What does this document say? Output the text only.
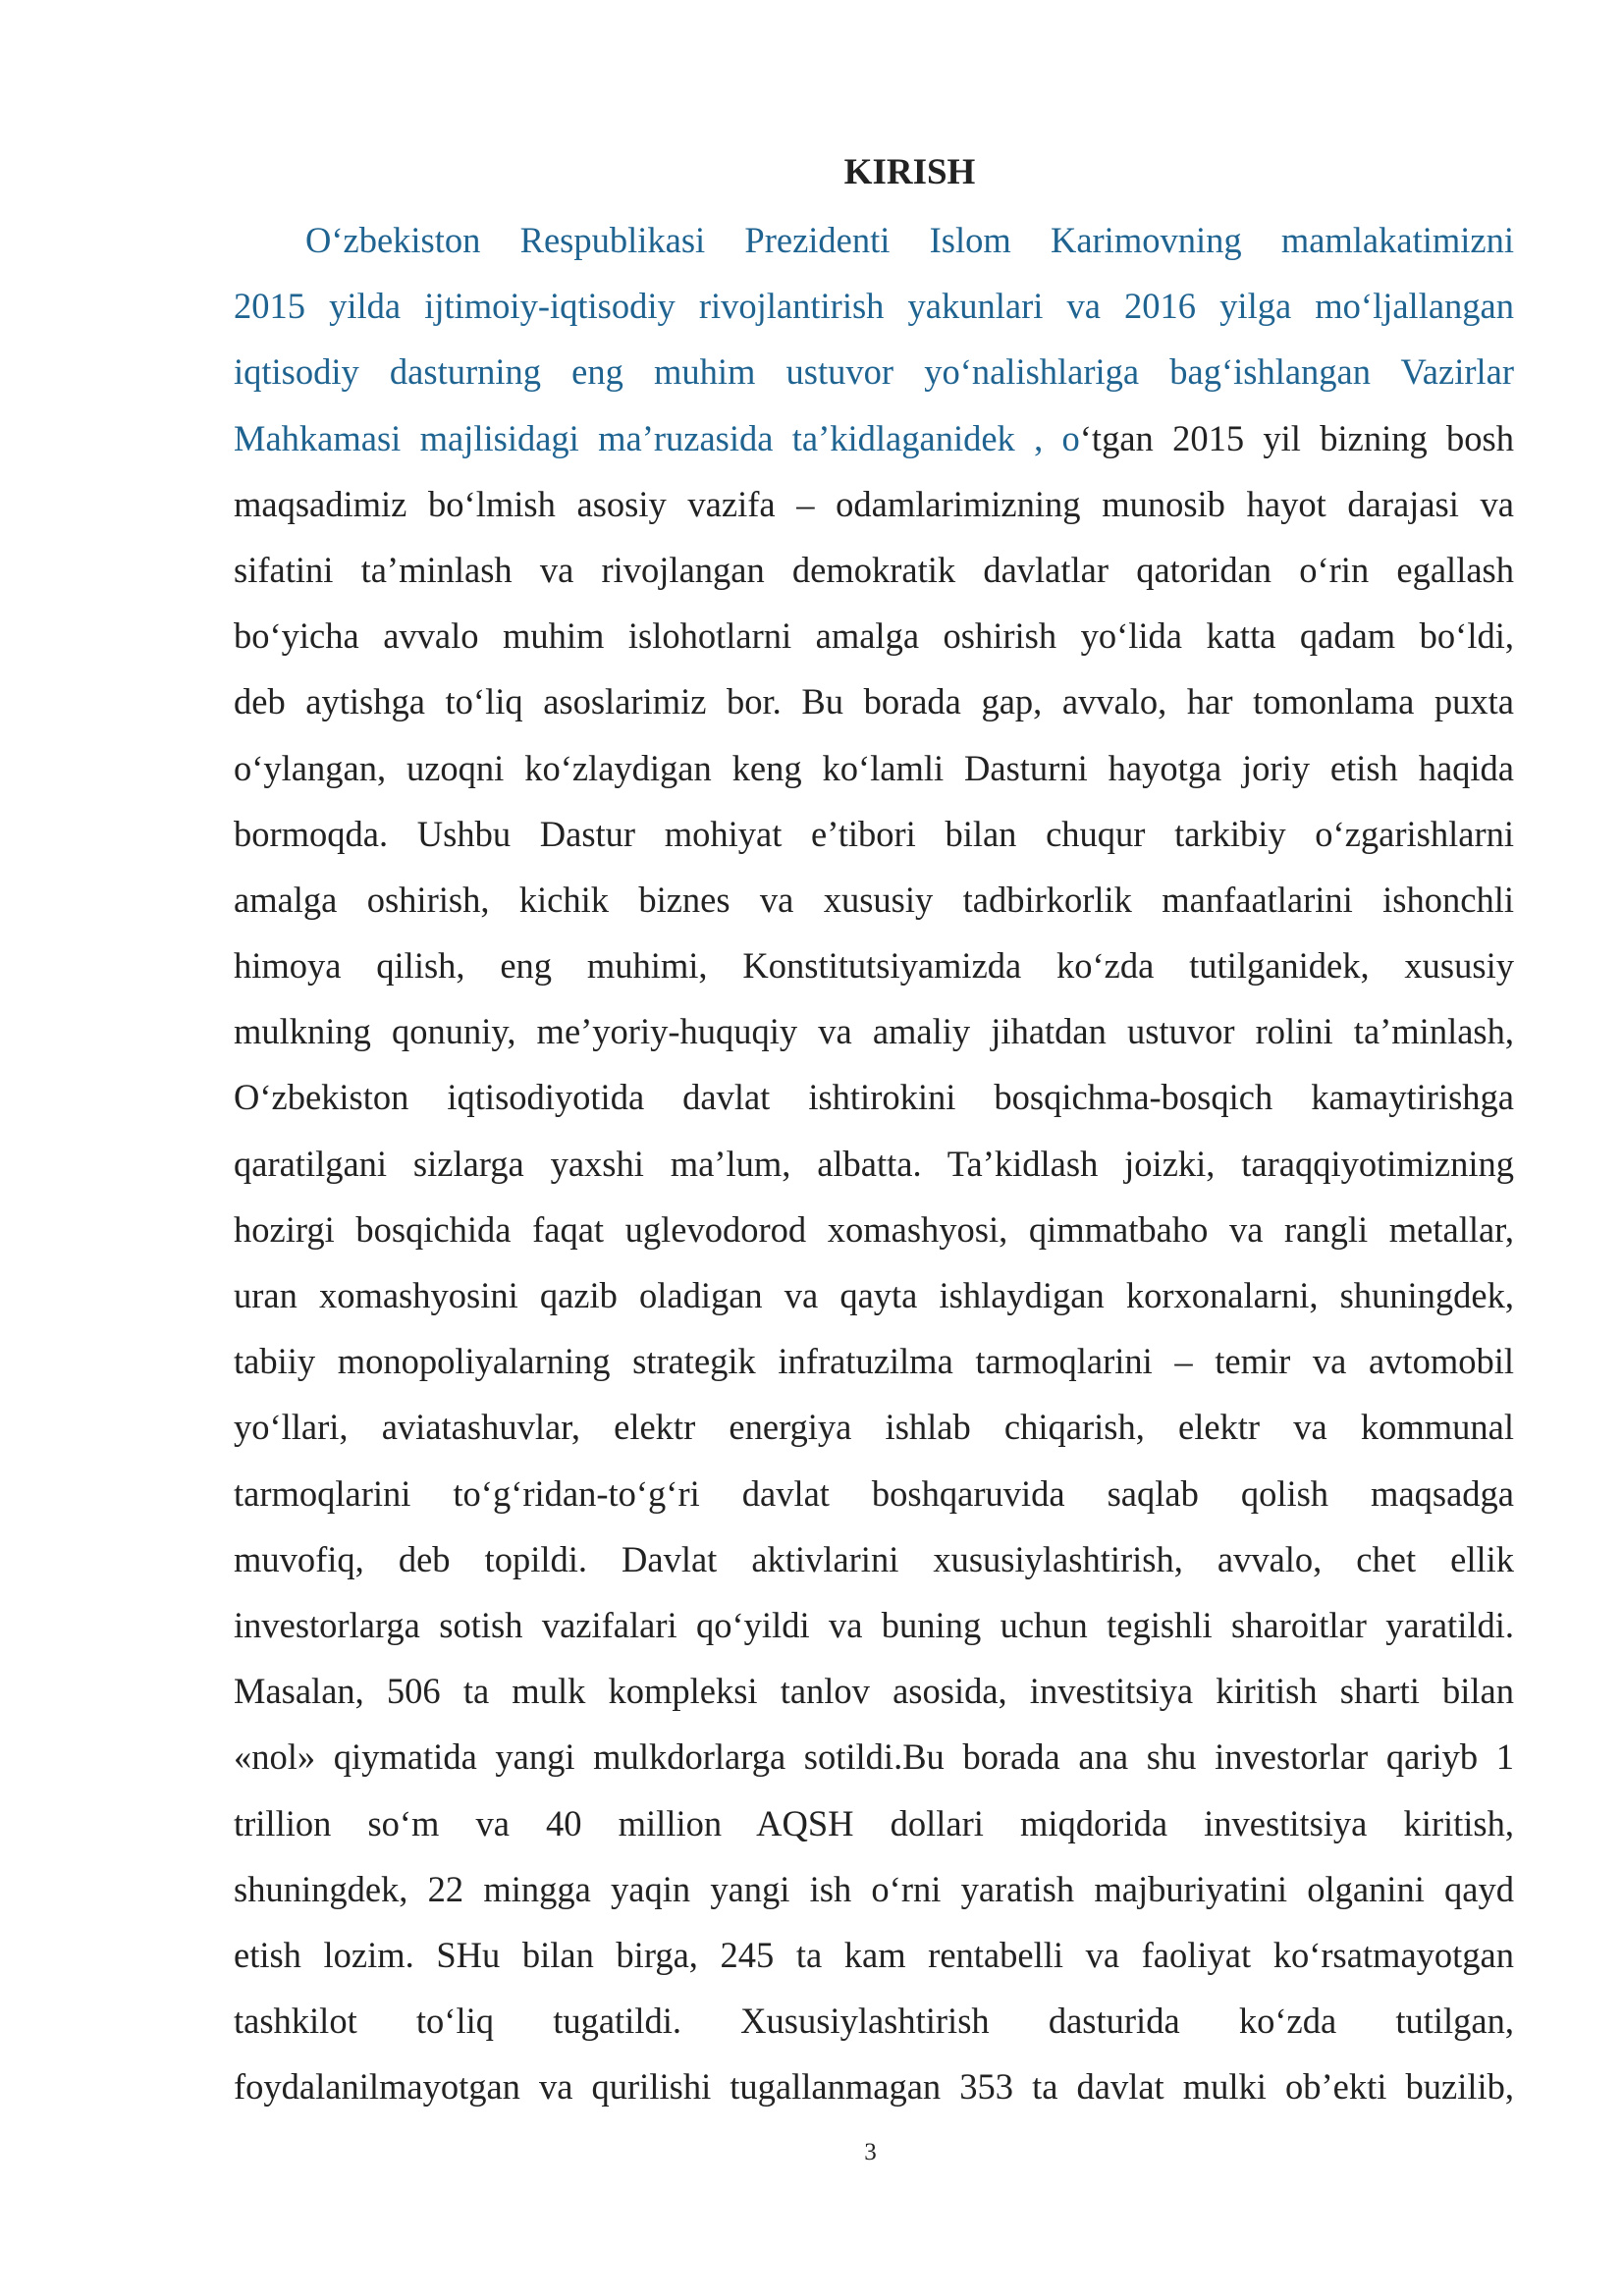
KIRISH
O‘zbekiston Respublikasi Prezidenti Islom Karimovning mamlakatimizni
2015 yilda ijtimoiy-iqtisodiy rivojlantirish yakunlari va 2016 yilga mo‘ljallangan
iqtisodiy dasturning eng muhim ustuvor yo‘nalishlariga bag‘ishlangan Vazirlar
Mahkamasi majlisidagi ma’ruzasida ta’kidlaganidek , o‘tgan 2015 yil bizning bosh
maqsadimiz bo‘lmish asosiy vazifa – odamlarimizning munosib hayot darajasi va
sifatini ta’minlash va rivojlangan demokratik davlatlar qatoridan o‘rin egallash
bo‘yicha avvalo muhim islohotlarni amalga oshirish yo‘lida katta qadam bo‘ldi,
deb aytishga to‘liq asoslarimiz bor. Bu borada gap, avvalo, har tomonlama puxta
o‘ylangan, uzoqni ko‘zlaydigan keng ko‘lamli Dasturni hayotga joriy etish haqida
bormoqda. Ushbu Dastur mohiyat e’tibori bilan chuqur tarkibiy o‘zgarishlarni
amalga oshirish, kichik biznes va xususiy tadbirkorlik manfaatlarini ishonchli
himoya qilish, eng muhimi, Konstitutsiyamizda ko‘zda tutilganidek, xususiy
mulkning qonuniy, me’yoriy-huquqiy va amaliy jihatdan ustuvor rolini ta’minlash,
O‘zbekiston iqtisodiyotida davlat ishtirokini bosqichma-bosqich kamaytirishga
qaratilgani sizlarga yaxshi ma’lum, albatta. Ta’kidlash joizki, taraqqiyotimizning
hozirgi bosqichida faqat uglevodorod xomashyosi, qimmatbaho va rangli metallar,
uran xomashyosini qazib oladigan va qayta ishlaydigan korxonalarni, shuningdek,
tabiiy monopoliyalarning strategik infratuzilma tarmoqlarini – temir va avtomobil
yo‘llari, aviatashuvlar, elektr energiya ishlab chiqarish, elektr va kommunal
tarmoqlarini to‘g‘ridan-to‘g‘ri davlat boshqaruvida saqlab qolish maqsadga
muvofiq, deb topildi. Davlat aktivlarini xususiylashtirish, avvalo, chet ellik
investorlarga sotish vazifalari qo‘yildi va buning uchun tegishli sharoitlar yaratildi.
Masalan, 506 ta mulk kompleksi tanlov asosida, investitsiya kiritish sharti bilan
«nol» qiymatida yangi mulkdorlarga sotildi.Bu borada ana shu investorlar qariyb 1
trillion so‘m va 40 million AQSH dollari miqdorida investitsiya kiritish,
shuningdek, 22 mingga yaqin yangi ish o‘rni yaratish majburiyatini olganini qayd
etish lozim. SHu bilan birga, 245 ta kam rentabelli va faoliyat ko‘rsatmayotgan
tashkilot to‘liq tugatildi. Xususiylashtirish dasturida ko‘zda tutilgan,
foydalanilmayotgan va qurilishi tugallanmagan 353 ta davlat mulki ob’ekti buzilib,
3
